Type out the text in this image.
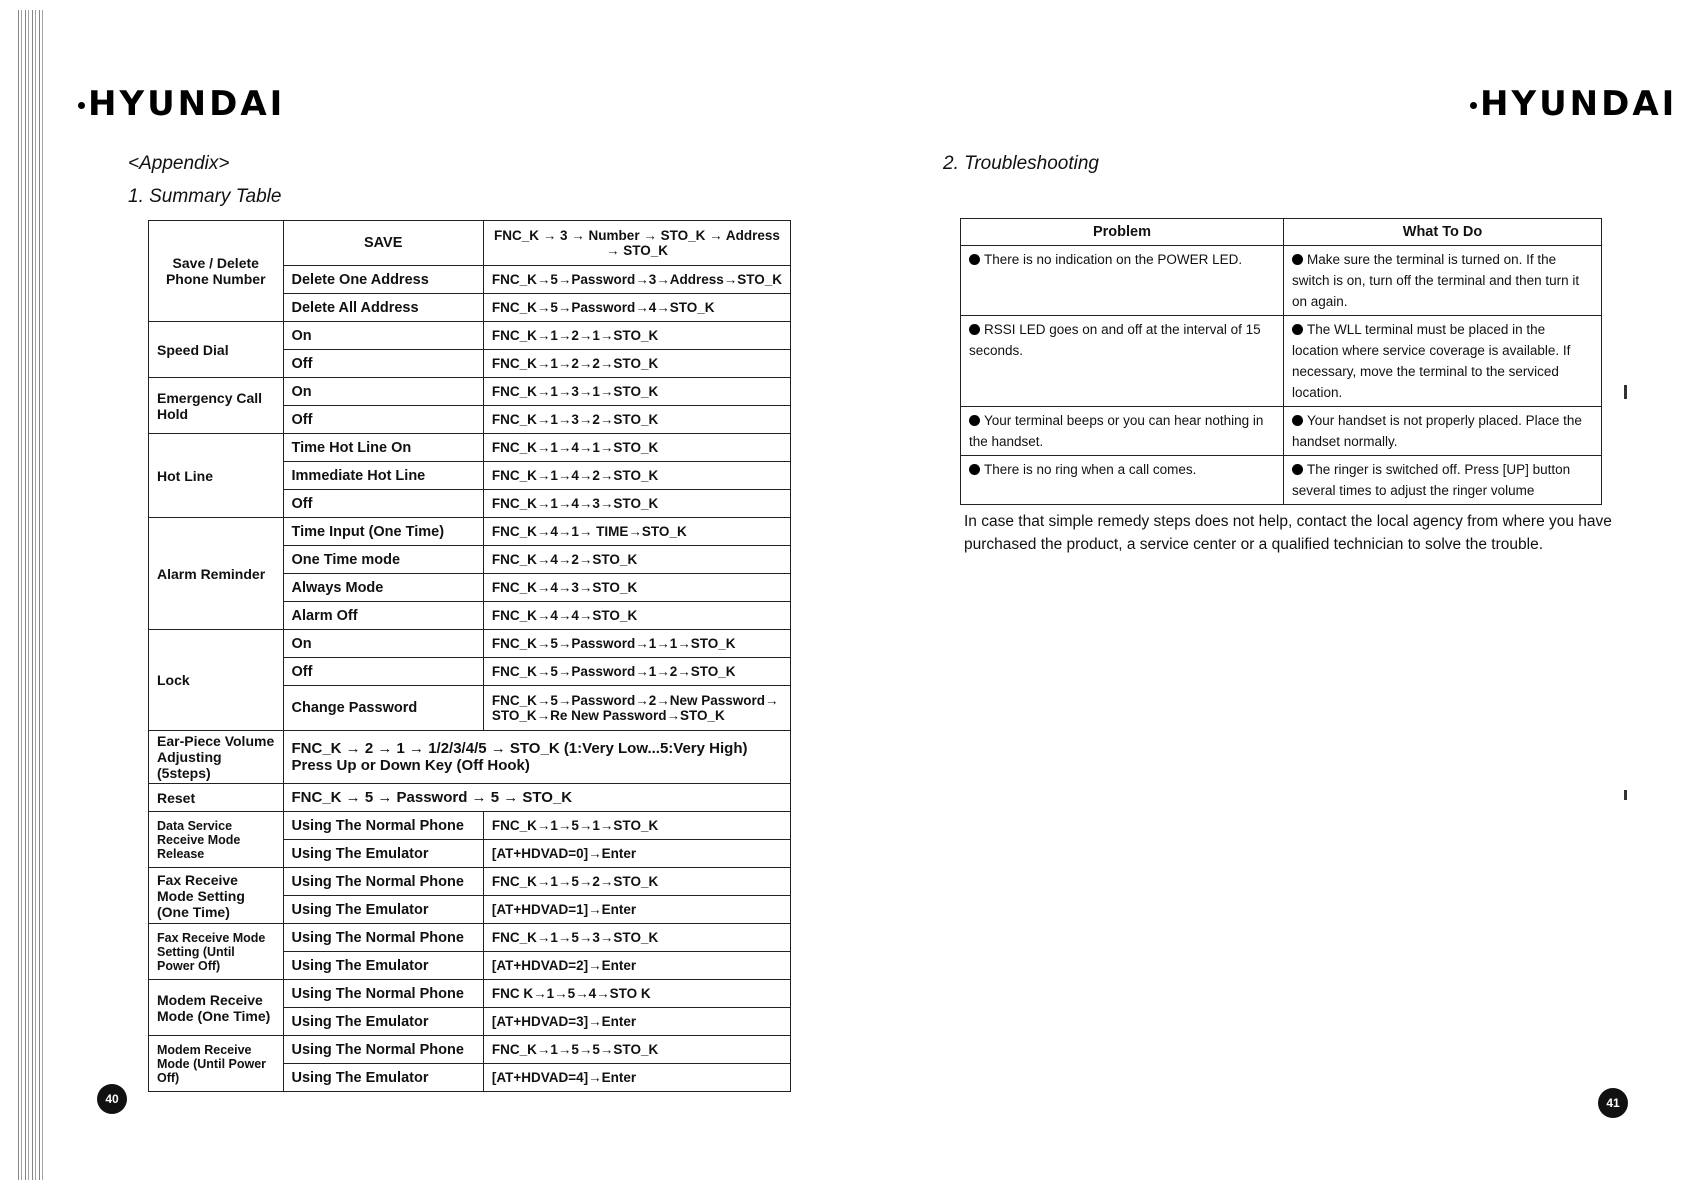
HYUNDAI	HYUNDAI
<Appendix>
1. Summary Table
2. Troubleshooting
Save / Delete Phone Number	SAVE	FNC_K → 3 → Number → STO_K → Address → STO_K
	Delete One Address	FNC_K→5→Password→3→Address→STO_K
	Delete All Address	FNC_K→5→Password→4→STO_K
Speed Dial	On	FNC_K→1→2→1→STO_K
	Off	FNC_K→1→2→2→STO_K
Emergency Call Hold	On	FNC_K→1→3→1→STO_K
	Off	FNC_K→1→3→2→STO_K
Hot Line	Time Hot Line On	FNC_K→1→4→1→STO_K
	Immediate Hot Line	FNC_K→1→4→2→STO_K
	Off	FNC_K→1→4→3→STO_K
Alarm Reminder	Time Input (One Time)	FNC_K→4→1→ TIME→STO_K
	One Time mode	FNC_K→4→2→STO_K
	Always Mode	FNC_K→4→3→STO_K
	Alarm Off	FNC_K→4→4→STO_K
Lock	On	FNC_K→5→Password→1→1→STO_K
	Off	FNC_K→5→Password→1→2→STO_K
	Change Password	FNC_K→5→Password→2→New Password→ STO_K→Re New Password→STO_K
Ear-Piece Volume Adjusting (5steps)	FNC_K → 2 → 1 → 1/2/3/4/5 → STO_K (1:Very Low...5:Very High) Press Up or Down Key (Off Hook)	
Reset	FNC_K → 5 → Password → 5 → STO_K	
Data Service Receive Mode Release	Using The Normal Phone	FNC_K→1→5→1→STO_K
	Using The Emulator	[AT+HDVAD=0]→Enter
Fax Receive Mode Setting (One Time)	Using The Normal Phone	FNC_K→1→5→2→STO_K
	Using The Emulator	[AT+HDVAD=1]→Enter
Fax Receive Mode Setting (Until Power Off)	Using The Normal Phone	FNC_K→1→5→3→STO_K
	Using The Emulator	[AT+HDVAD=2]→Enter
Modem Receive Mode (One Time)	Using The Normal Phone	FNC K→1→5→4→STO K
	Using The Emulator	[AT+HDVAD=3]→Enter
Modem Receive Mode (Until Power Off)	Using The Normal Phone	FNC_K→1→5→5→STO_K
	Using The Emulator	[AT+HDVAD=4]→Enter
Problem	What To Do
There is no indication on the POWER LED.	Make sure the terminal is turned on. If the switch is on, turn off the terminal and then turn it on again.
RSSI LED goes on and off at the interval of 15 seconds.	The WLL terminal must be placed in the location where service coverage is available. If necessary, move the terminal to the serviced location.
Your terminal beeps or you can hear nothing in the handset.	Your handset is not properly placed. Place the handset normally.
There is no ring when a call comes.	The ringer is switched off. Press [UP] button several times to adjust the ringer volume
In case that simple remedy steps does not help, contact the local agency from where you have purchased the product, a service center or a qualified technician to solve the trouble.
40	41
